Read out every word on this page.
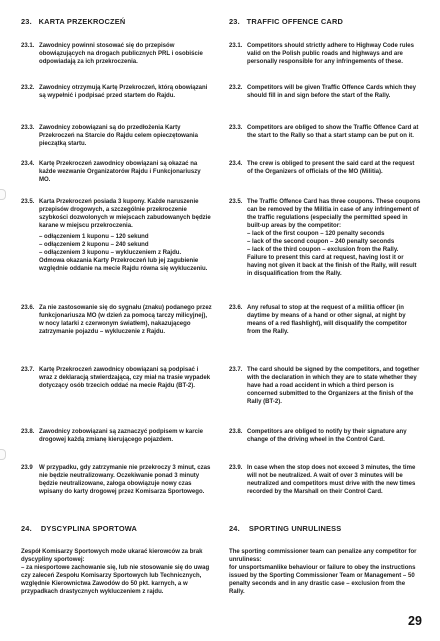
23. KARTA PRZEKROCZEŃ
23.1. Zawodnicy powinni stosować się do przepisów obowiązujących na drogach publicznych PRL i osobiście odpowiadają za ich przekroczenia.

23.2. Zawodnicy otrzymują Kartę Przekroczeń, którą obowiązani są wypełnić i podpisać przed startem do Rajdu.

23.3. Zawodnicy zobowiązani są do przedłożenia Karty Przekroczeń na Starcie do Rajdu celem opieczętowania pieczątką startu.

23.4. Kartę Przekroczeń zawodnicy obowiązani są okazać na każde wezwanie Organizatorów Rajdu i Funkcjonariuszy MO.

23.5. Karta Przekroczeń posiada 3 kupony. Każde naruszenie przepisów drogowych, a szczególnie przekroczenie szybkości dozwolonych w miejscach zabudowanych będzie karane w miejscu przekroczenia.

– odłączeniem 1 kuponu – 120 sekund
– odłączeniem 2 kuponu – 240 sekund
– odłączeniem 3 kuponu – wykluczeniem z Rajdu.

Odmowa okazania Karty Przekroczeń lub jej zagubienie względnie oddanie na mecie Rajdu równa się wykluczeniu.

23.6. Za nie zastosowanie się do sygnału (znaku) podanego przez funkcjonariusza MO (w dzień za pomocą tarczy milicyjnej), w nocy latarki z czerwonym światłem), nakazującego zatrzymanie pojazdu – wykluczenie z Rajdu.

23.7. Kartę Przekroczeń zawodnicy obowiązani są podpisać i wraz z deklaracją stwierdzającą, czy miał na trasie wypadek dotyczący osób trzecich oddać na mecie Rajdu (BT-2).

23.8. Zawodnicy zobowiązani są zaznaczyć podpisem w karcie drogowej każdą zmianę kierującego pojazdem.

23.9	W przypadku, gdy zatrzymanie nie przekroczy 3 minut, czas nie będzie neutralizowany. Oczekiwanie ponad 3 minuty będzie neutralizowane, załoga obowiązuje nowy czas wpisany do karty drogowej przez Komisarza Sportowego.

24. DYSCYPLINA SPORTOWA

Zespół Komisarzy Sportowych może ukarać kierowców za brak dyscypliny sportowej:

– za niesportowe zachowanie się, lub nie stosowanie się do uwag czy zaleceń Zespołu Komisarzy Sportowych lub Technicznych, względnie Kierownictwa Zawodów do 50 pkt. karnych, a w przypadkach drastycznych wykluczeniem z rajdu.

23. TRAFFIC OFFENCE CARD
23.1. Competitors should strictly adhere to Highway Code rules valid on the Polish public roads and highways and are personally responsible for any infringements of these.

23.2. Competitors will be given Traffic Offence Cards which they should fill in and sign before the start of the Rally.

23.3. Competitors are obliged to show the Traffic Offence Card at the start to the Rally so that a start stamp can be put on it.

23.4. The crew is obliged to present the said card at the request of the Organizers of officials of the MO (Militia).

23.5. The Traffic Offence Card has three coupons. These coupons can be removed by the Militia in case of any infringement of the traffic regulations (especially the permitted speed in built-up areas by the competitor:

– lack of the first coupon – 120 penalty seconds
– lack of the second coupon – 240 penalty seconds
– lack of the third coupon – exclusion from the Rally.

Failure to present this card at request, having lost it or having not given it back at the finish of the Rally, will result in disqualification from the Rally.

23.6. Any refusal to stop at the request of a militia officer (in daytime by means of a hand or other signal, at night by means of a red flashlight), will disqualify the competitor from the Rally.

23.7. The card should be signed by the competitors, and together with the declaration in which they are to state whether they have had a road accident in which a third person is concerned submitted to the Organizers at the finish of the Rally (BT-2).

23.8. Competitors are obliged to notify by their signature any change of the driving wheel in the Control Card.

23.9. In case when the stop does not exceed 3 minutes, the time will not be neutralized. A wait of over 3 minutes will be neutralized and competitors must drive with the new times recorded by the Marshall on their Control Card.

24. SPORTING UNRULINESS

The sporting commissioner team can penalize any competitor for unruliness:

for unsportsmanlike behaviour or failure to obey the instructions issued by the Sporting Commissioner Team or Management – 50 penalty seconds and in any drastic case – exclusion from the Rally.

29
